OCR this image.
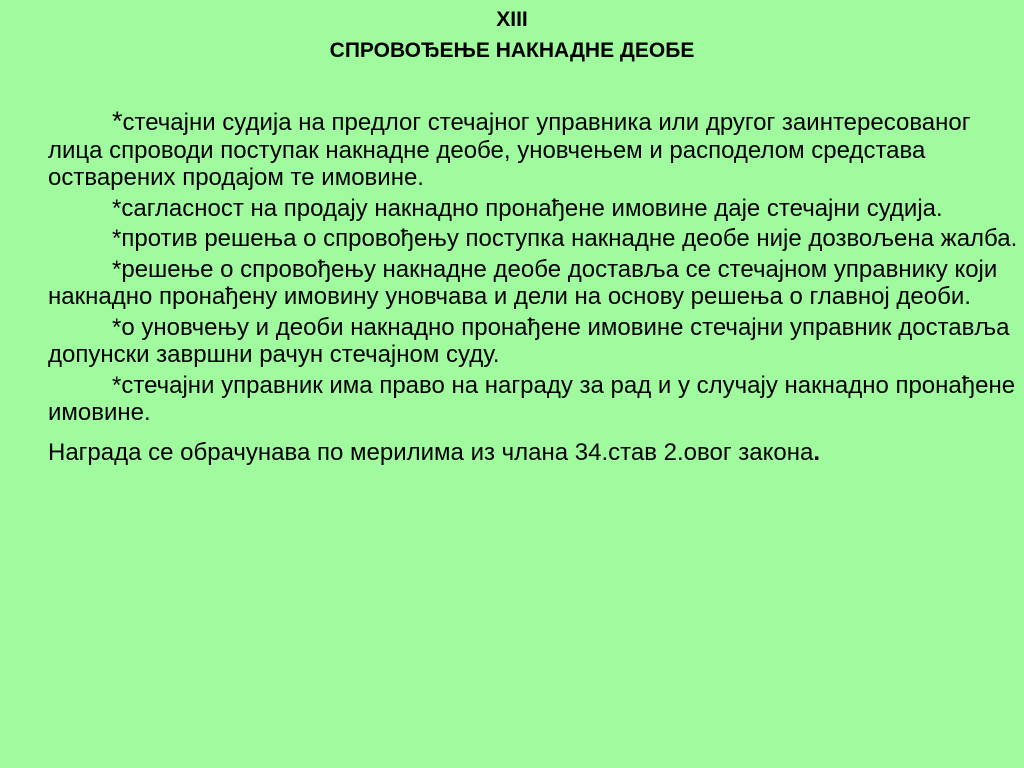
XIII
СПРОВОЂЕЊЕ НАКНАДНЕ ДЕОБЕ

*стечајни судија на предлог стечајног управника или другог заинтересованог лица спроводи поступак накнадне деобе, уновчењем и расподелом средстава остварених продајом те имовине.

*сагласност на продају накнадно пронађене имовине даје стечајни судија.

*против решења о спровођењу поступка накнадне деобе није дозвољена жалба.

*решење о спровођењу накнадне деобе доставља се стечајном управнику који накнадно пронађену имовину уновчава и дели на основу решења о главној деоби.

*о уновчењу и деоби накнадно пронађене имовине стечајни управник доставља допунски завршни рачун стечајном суду.

*стечајни управник има право на награду за рад и у случају накнадно пронађене имовине.

Награда се обрачунава по мерилима из члана 34.став 2.овог закона.
